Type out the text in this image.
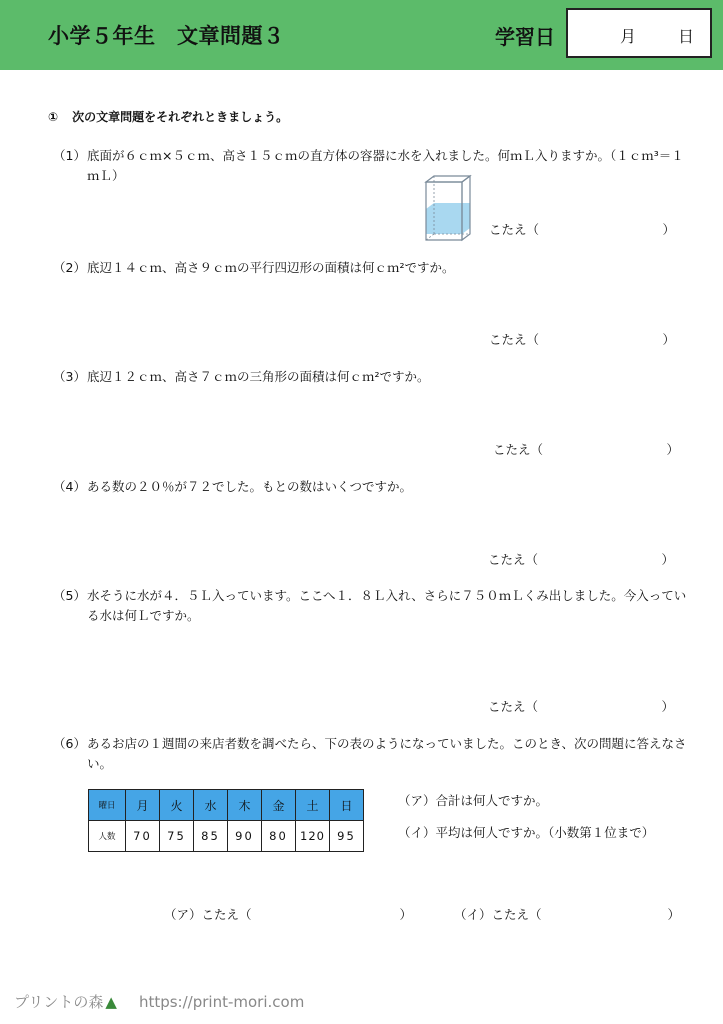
小学５年生　文章問題３	学習日	月	日
① 次の文章問題をそれぞれときましょう。
（1） 底面が６ｃｍ×５ｃｍ、高さ１５ｃｍの直方体の容器に水を入れました。何ｍＬ入りますか。（１ｃｍ³＝１ｍＬ）
こたえ（	）
（2） 底辺１４ｃｍ、高さ９ｃｍの平行四辺形の面積は何ｃｍ²ですか。
こたえ（	）
（3） 底辺１２ｃｍ、高さ７ｃｍの三角形の面積は何ｃｍ²ですか。
こたえ（	）
（4） ある数の２０％が７２でした。もとの数はいくつですか。
こたえ（	）
（5） 水そうに水が４．５Ｌ入っています。ここへ１．８Ｌ入れ、さらに７５０ｍＬくみ出しました。今入っている水は何Ｌですか。
こたえ（	）
（6） あるお店の１週間の来店者数を調べたら、下の表のようになっていました。このとき、次の問題に答えなさい。
曜日	月	火	水	木	金	土	日
人数	70	75	85	90	80	120	95
（ア）合計は何人ですか。
（イ）平均は何人ですか。（小数第１位まで）
（ア）こたえ（	）	（イ）こたえ（	）
プリントの森 ▲ https://print-mori.com
